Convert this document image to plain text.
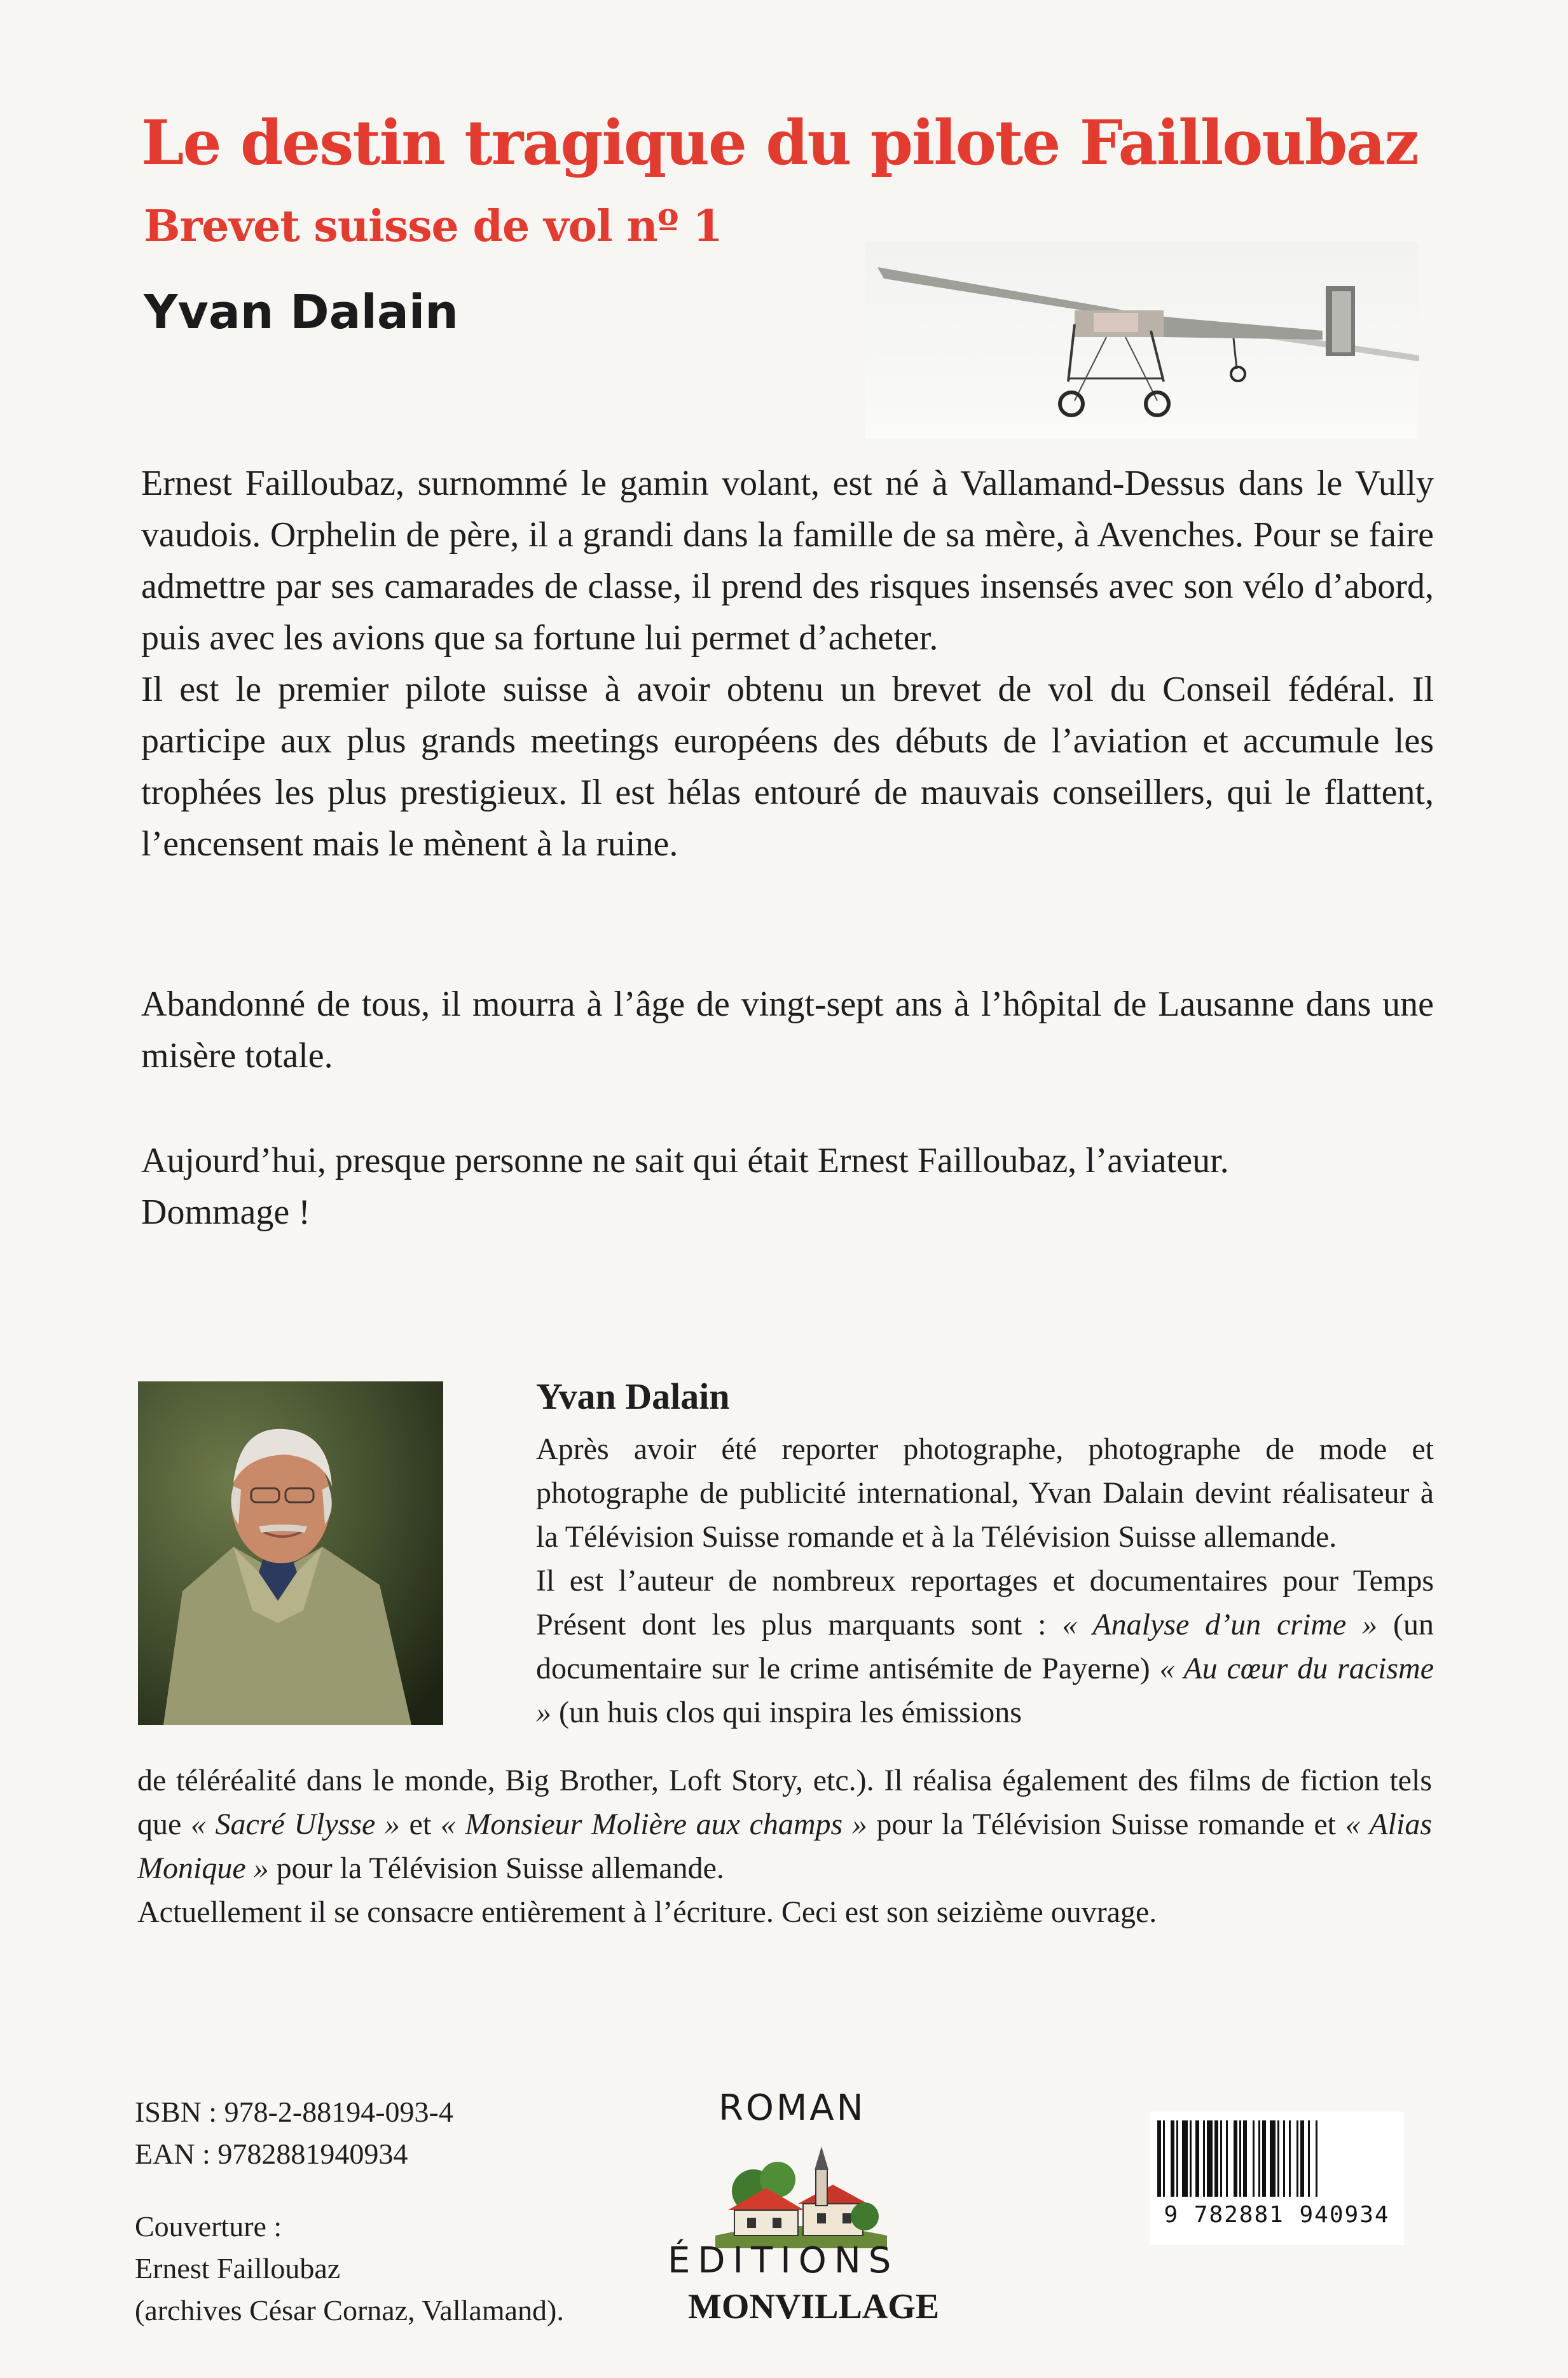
Le destin tragique du pilote Failloubaz
Brevet suisse de vol nº 1
Yvan Dalain

Ernest Failloubaz, surnommé le gamin volant, est né à Vallamand-Dessus dans le Vully vaudois. Orphelin de père, il a grandi dans la famille de sa mère, à Avenches. Pour se faire admettre par ses camarades de classe, il prend des risques insensés avec son vélo d’abord, puis avec les avions que sa fortune lui permet d’acheter.

Il est le premier pilote suisse à avoir obtenu un brevet de vol du Conseil fédéral. Il participe aux plus grands meetings européens des débuts de l’aviation et accumule les trophées les plus prestigieux. Il est hélas entouré de mauvais conseillers, qui le flattent, l’encensent mais le mènent à la ruine.

Abandonné de tous, il mourra à l’âge de vingt-sept ans à l’hôpital de Lausanne dans une misère totale.

Aujourd’hui, presque personne ne sait qui était Ernest Failloubaz, l’aviateur.

Dommage !

Yvan Dalain

Après avoir été reporter photographe, photographe de mode et photographe de publicité international, Yvan Dalain devint réalisateur à la Télévision Suisse romande et à la Télévision Suisse allemande.

Il est l’auteur de nombreux reportages et documentaires pour Temps Présent dont les plus marquants sont : « Analyse d’un crime » (un documentaire sur le crime antisémite de Payerne) « Au cœur du racisme » (un huis clos qui inspira les émissions

de téléréalité dans le monde, Big Brother, Loft Story, etc.). Il réalisa également des films de fiction tels que « Sacré Ulysse » et « Monsieur Molière aux champs » pour la Télévision Suisse romande et « Alias Monique » pour la Télévision Suisse allemande.

Actuellement il se consacre entièrement à l’écriture. Ceci est son seizième ouvrage.
ISBN : 978-2-88194-093-4
EAN : 9782881940934
Couverture :
Ernest Failloubaz
(archives César Cornaz, Vallamand).
ROMAN
ÉDITIONS
MONVILLAGE
9 782881 940934
